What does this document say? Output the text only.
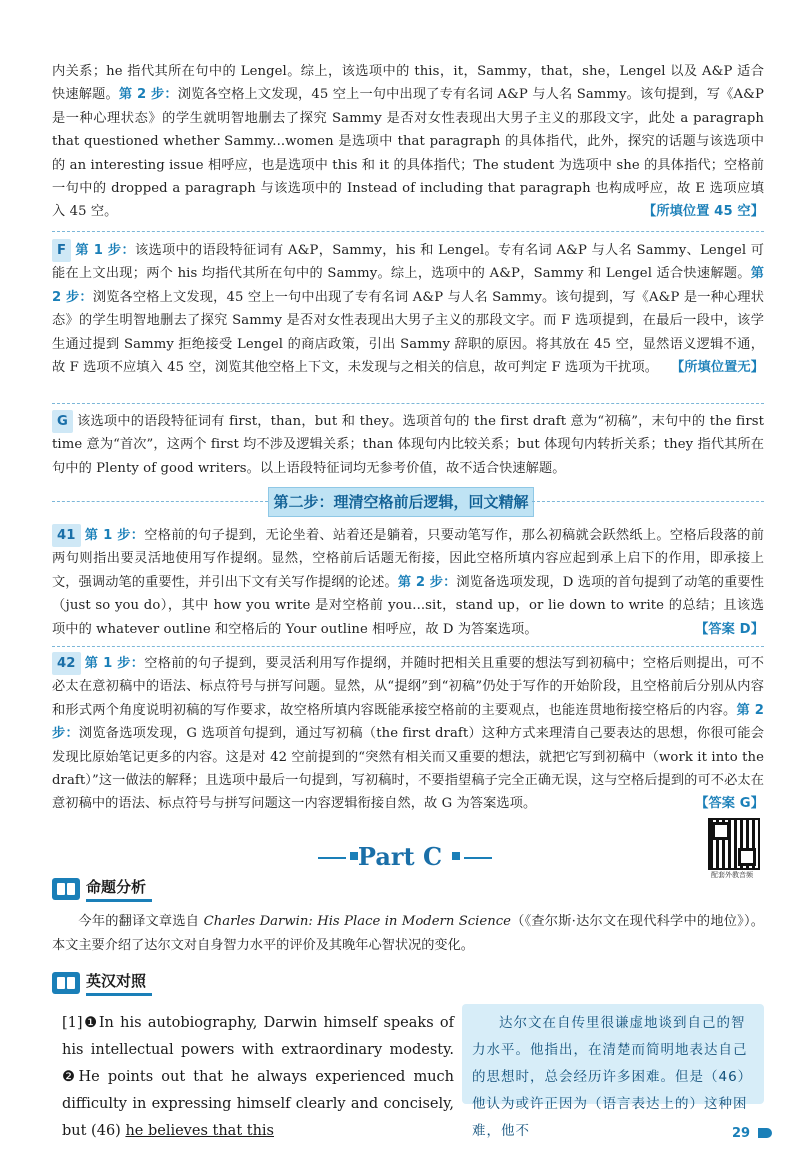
内关系；he 指代其所在句中的 Lengel。综上，该选项中的 this，it，Sammy，that，she，Lengel 以及 A&P 适合快速解题。第 2 步：浏览各空格上文发现，45 空上一句中出现了专有名词 A&P 与人名 Sammy。该句提到，写《A&P 是一种心理状态》的学生就明智地删去了探究 Sammy 是否对女性表现出大男子主义的那段文字，此处 a paragraph that questioned whether Sammy...women 是选项中 that paragraph 的具体指代，此外，探究的话题与该选项中的 an interesting issue 相呼应，也是选项中 this 和 it 的具体指代；The student 为选项中 she 的具体指代；空格前一句中的 dropped a paragraph 与该选项中的 Instead of including that paragraph 也构成呼应，故 E 选项应填入 45 空。	【所填位置 45 空】
F 第 1 步：该选项中的语段特征词有 A&P，Sammy，his 和 Lengel。专有名词 A&P 与人名 Sammy、Lengel 可能在上文出现；两个 his 均指代其所在句中的 Sammy。综上，选项中的 A&P，Sammy 和 Lengel 适合快速解题。第 2 步：浏览各空格上文发现，45 空上一句中出现了专有名词 A&P 与人名 Sammy。该句提到，写《A&P 是一种心理状态》的学生明智地删去了探究 Sammy 是否对女性表现出大男子主义的那段文字。而 F 选项提到，在最后一段中，该学生通过提到 Sammy 拒绝接受 Lengel 的商店政策，引出 Sammy 辞职的原因。将其放在 45 空，显然语义逻辑不通，故 F 选项不应填入 45 空，浏览其他空格上下文，未发现与之相关的信息，故可判定 F 选项为干扰项。 【所填位置无】
G 该选项中的语段特征词有 first，than，but 和 they。选项首句的 the first draft 意为“初稿”，末句中的 the first time 意为“首次”，这两个 first 均不涉及逻辑关系；than 体现句内比较关系；but 体现句内转折关系；they 指代其所在句中的 Plenty of good writers。以上语段特征词均无参考价值，故不适合快速解题。
第二步：理清空格前后逻辑，回文精解
41 第 1 步：空格前的句子提到，无论坐着、站着还是躺着，只要动笔写作，那么初稿就会跃然纸上。空格后段落的前两句则指出要灵活地使用写作提纲。显然，空格前后话题无衔接，因此空格所填内容应起到承上启下的作用，即承接上文，强调动笔的重要性，并引出下文有关写作提纲的论述。第 2 步：浏览备选项发现，D 选项的首句提到了动笔的重要性（just so you do），其中 how you write 是对空格前 you...sit，stand up，or lie down to write 的总结；且该选项中的 whatever outline 和空格后的 Your outline 相呼应，故 D 为答案选项。	【答案 D】
42 第 1 步：空格前的句子提到，要灵活利用写作提纲，并随时把相关且重要的想法写到初稿中；空格后则提出，可不必太在意初稿中的语法、标点符号与拼写问题。显然，从“提纲”到“初稿”仍处于写作的开始阶段，且空格前后分别从内容和形式两个角度说明初稿的写作要求，故空格所填内容既能承接空格前的主要观点，也能连贯地衔接空格后的内容。第 2 步：浏览备选项发现，G 选项首句提到，通过写初稿（the first draft）这种方式来理清自己要表达的思想，你很可能会发现比原始笔记更多的内容。这是对 42 空前提到的“突然有相关而又重要的想法，就把它写到初稿中（work it into the draft）”这一做法的解释；且选项中最后一句提到，写初稿时，不要指望稿子完全正确无误，这与空格后提到的可不必太在意初稿中的语法、标点符号与拼写问题这一内容逻辑衔接自然，故 G 为答案选项。	【答案 G】
Part C
配套外教音频
命题分析
今年的翻译文章选自 Charles Darwin: His Place in Modern Science（《查尔斯·达尔文在现代科学中的地位》）。本文主要介绍了达尔文对自身智力水平的评价及其晚年心智状况的变化。
英汉对照
[1]❶In his autobiography, Darwin himself speaks of his intellectual powers with extraordinary modesty. ❷He points out that he always experienced much difficulty in expressing himself clearly and concisely, but (46) he believes that this
达尔文在自传里很谦虚地谈到自己的智力水平。他指出，在清楚而简明地表达自己的思想时，总会经历许多困难。但是（46）他认为或许正因为（语言表达上的）这种困难，他不	29
